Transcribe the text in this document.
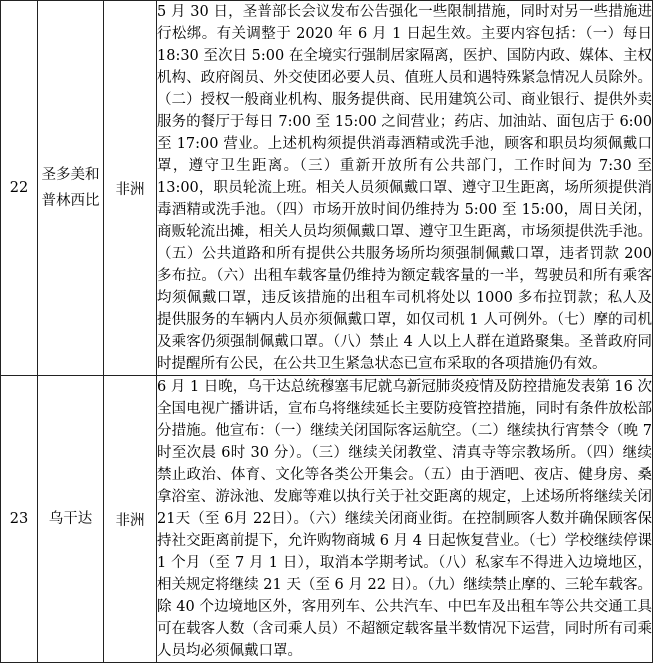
22	圣多美和普林西比	非洲	5 月 30 日，圣普部长会议发布公告强化一些限制措施，同时对另一些措施进行松绑。有关调整于 2020 年 6 月 1 日起生效。主要内容包括：（一）每日 18:30 至次日 5:00 在全境实行强制居家隔离，医护、国防内政、媒体、主权机构、政府阁员、外交使团必要人员、值班人员和遇特殊紧急情况人员除外。（二）授权一般商业机构、服务提供商、民用建筑公司、商业银行、提供外卖服务的餐厅于每日 7:00 至 15:00 之间营业；药店、加油站、面包店于 6:00 至 17:00 营业。上述机构须提供消毒酒精或洗手池，顾客和职员均须佩戴口罩，遵守卫生距离。（三）重新开放所有公共部门，工作时间为 7:30 至 13:00，职员轮流上班。相关人员须佩戴口罩、遵守卫生距离，场所须提供消毒酒精或洗手池。（四）市场开放时间仍维持为 5:00 至 15:00，周日关闭，商贩轮流出摊，相关人员均须佩戴口罩、遵守卫生距离，市场须提供洗手池。（五）公共道路和所有提供公共服务场所均须强制佩戴口罩，违者罚款 200 多布拉。（六）出租车载客量仍维持为额定载客量的一半，驾驶员和所有乘客均须佩戴口罩，违反该措施的出租车司机将处以 1000 多布拉罚款；私人及提供服务的车辆内人员亦须佩戴口罩，如仅司机 1 人可例外。（七）摩的司机及乘客仍须强制佩戴口罩。（八）禁止 4 人以上人群在道路聚集。圣普政府同时提醒所有公民，在公共卫生紧急状态已宣布采取的各项措施仍有效。

23	乌干达	非洲	6 月 1 日晚，乌干达总统穆塞韦尼就乌新冠肺炎疫情及防控措施发表第 16 次全国电视广播讲话，宣布乌将继续延长主要防疫管控措施，同时有条件放松部分措施。他宣布：（一）继续关闭国际客运航空。（二）继续执行宵禁令（晚 7时至次晨 6时 30 分）。（三）继续关闭教堂、清真寺等宗教场所。（四）继续禁止政治、体育、文化等各类公开集会。（五）由于酒吧、夜店、健身房、桑拿浴室、游泳池、发廊等难以执行关于社交距离的规定，上述场所将继续关闭 21天（至 6月 22日）。（六）继续关闭商业街。在控制顾客人数并确保顾客保持社交距离前提下，允许购物商城 6 月 4 日起恢复营业。（七）学校继续停课 1 个月（至 7 月 1 日），取消本学期考试。（八）私家车不得进入边境地区，相关规定将继续 21 天（至 6 月 22 日）。（九）继续禁止摩的、三轮车载客。除 40 个边境地区外，客用列车、公共汽车、中巴车及出租车等公共交通工具可在载客人数（含司乘人员）不超额定载客量半数情况下运营，同时所有司乘人员均必须佩戴口罩。
